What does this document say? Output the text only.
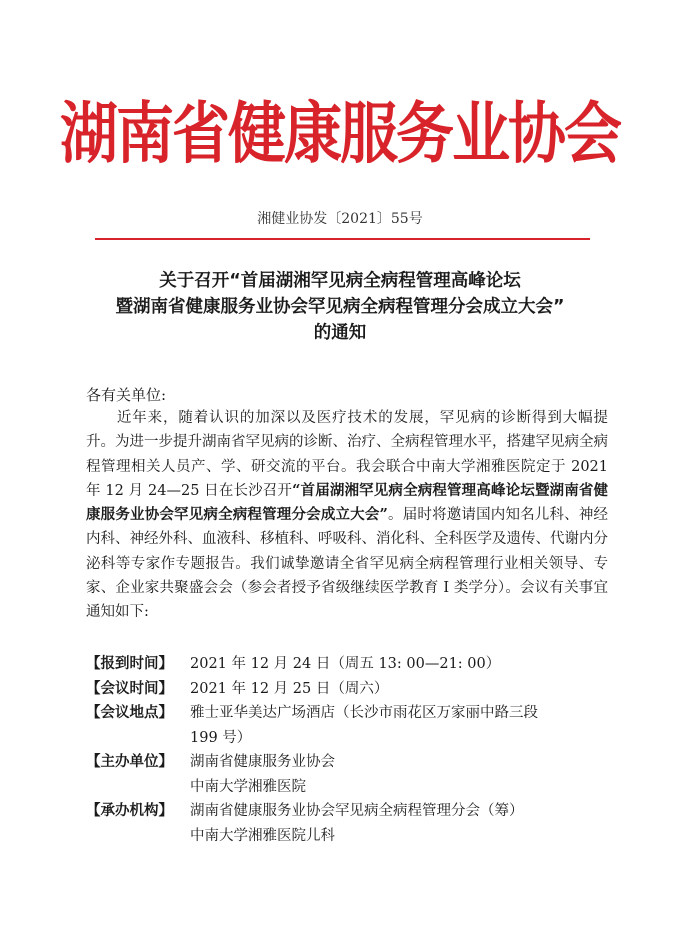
湖南省健康服务业协会
湘健业协发〔2021〕55号
关于召开“首届湖湘罕见病全病程管理高峰论坛
暨湖南省健康服务业协会罕见病全病程管理分会成立大会”
的通知
各有关单位:
近年来，随着认识的加深以及医疗技术的发展，罕见病的诊断得到大幅提升。为进一步提升湖南省罕见病的诊断、治疗、全病程管理水平，搭建罕见病全病程管理相关人员产、学、研交流的平台。我会联合中南大学湘雅医院定于 2021 年 12 月 24—25 日在长沙召开“首届湖湘罕见病全病程管理高峰论坛暨湖南省健康服务业协会罕见病全病程管理分会成立大会”。届时将邀请国内知名儿科、神经内科、神经外科、血液科、移植科、呼吸科、消化科、全科医学及遗传、代谢内分泌科等专家作专题报告。我们诚挚邀请全省罕见病全病程管理行业相关领导、专家、企业家共聚盛会会（参会者授予省级继续医学教育 I 类学分）。会议有关事宜通知如下:
【报到时间】	2021 年 12 月 24 日（周五 13: 00—21: 00）
【会议时间】	2021 年 12 月 25 日（周六）
【会议地点】	雅士亚华美达广场酒店（长沙市雨花区万家丽中路三段
199 号）
【主办单位】	湖南省健康服务业协会
中南大学湘雅医院
【承办机构】	湖南省健康服务业协会罕见病全病程管理分会（筹）
中南大学湘雅医院儿科
